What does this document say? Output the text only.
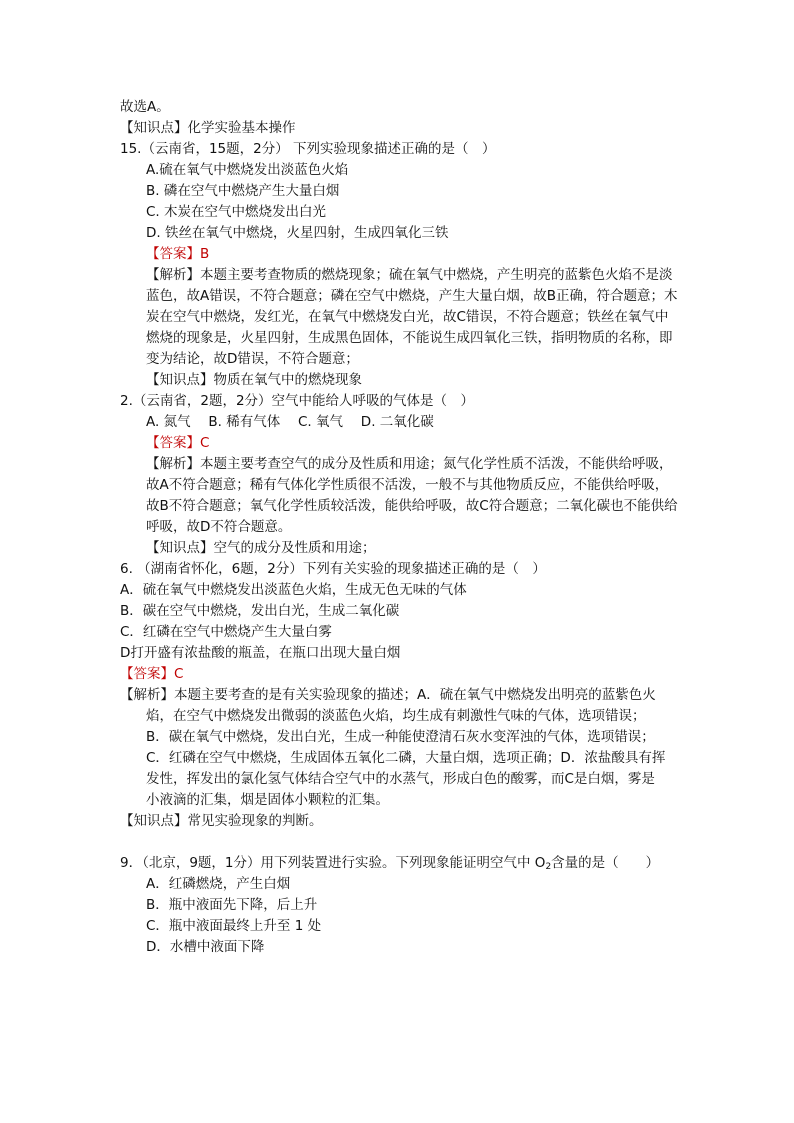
故选A。

【知识点】化学实验基本操作

15.（云南省，15题，2分） 下列实验现象描述正确的是（　）

A.硫在氧气中燃烧发出淡蓝色火焰

B. 磷在空气中燃烧产生大量白烟

C. 木炭在空气中燃烧发出白光

D. 铁丝在氧气中燃烧，火星四射，生成四氧化三铁

【答案】B

【解析】本题主要考查物质的燃烧现象；硫在氧气中燃烧，产生明亮的蓝紫色火焰不是淡蓝色，故A错误，不符合题意；磷在空气中燃烧，产生大量白烟，故B正确，符合题意；木炭在空气中燃烧，发红光，在氧气中燃烧发白光，故C错误，不符合题意；铁丝在氧气中燃烧的现象是，火星四射，生成黑色固体，不能说生成四氧化三铁，指明物质的名称，即变为结论，故D错误，不符合题意；

【知识点】物质在氧气中的燃烧现象

2.（云南省，2题，2分）空气中能给人呼吸的气体是（　）

A. 氮气　 B. 稀有气体　 C. 氧气　 D. 二氧化碳

【答案】C

【解析】本题主要考查空气的成分及性质和用途；氮气化学性质不活泼，不能供给呼吸，故A不符合题意；稀有气体化学性质很不活泼，一般不与其他物质反应，不能供给呼吸，故B不符合题意；氧气化学性质较活泼，能供给呼吸，故C符合题意；二氧化碳也不能供给呼吸，故D不符合题意。

【知识点】空气的成分及性质和用途；

6. （湖南省怀化，6题，2分）下列有关实验的现象描述正确的是（　）

A．硫在氧气中燃烧发出淡蓝色火焰，生成无色无味的气体

B．碳在空气中燃烧，发出白光，生成二氧化碳

C．红磷在空气中燃烧产生大量白雾

D打开盛有浓盐酸的瓶盖，在瓶口出现大量白烟

【答案】C

【解析】本题主要考查的是有关实验现象的描述；A．硫在氧气中燃烧发出明亮的蓝紫色火

焰，在空气中燃烧发出微弱的淡蓝色火焰，均生成有刺激性气味的气体，选项错误；

B．碳在氧气中燃烧，发出白光，生成一种能使澄清石灰水变浑浊的气体，选项错误；

C．红磷在空气中燃烧，生成固体五氧化二磷，大量白烟，选项正确；D．浓盐酸具有挥

发性，挥发出的氯化氢气体结合空气中的水蒸气，形成白色的酸雾，而C是白烟，雾是

小液滴的汇集，烟是固体小颗粒的汇集。

【知识点】常见实验现象的判断。

9．（北京，9题，1分）用下列装置进行实验。下列现象能证明空气中 $O_2$含量的是（　　）

A．红磷燃烧，产生白烟

B．瓶中液面先下降，后上升

C．瓶中液面最终上升至 1 处

D．水槽中液面下降
